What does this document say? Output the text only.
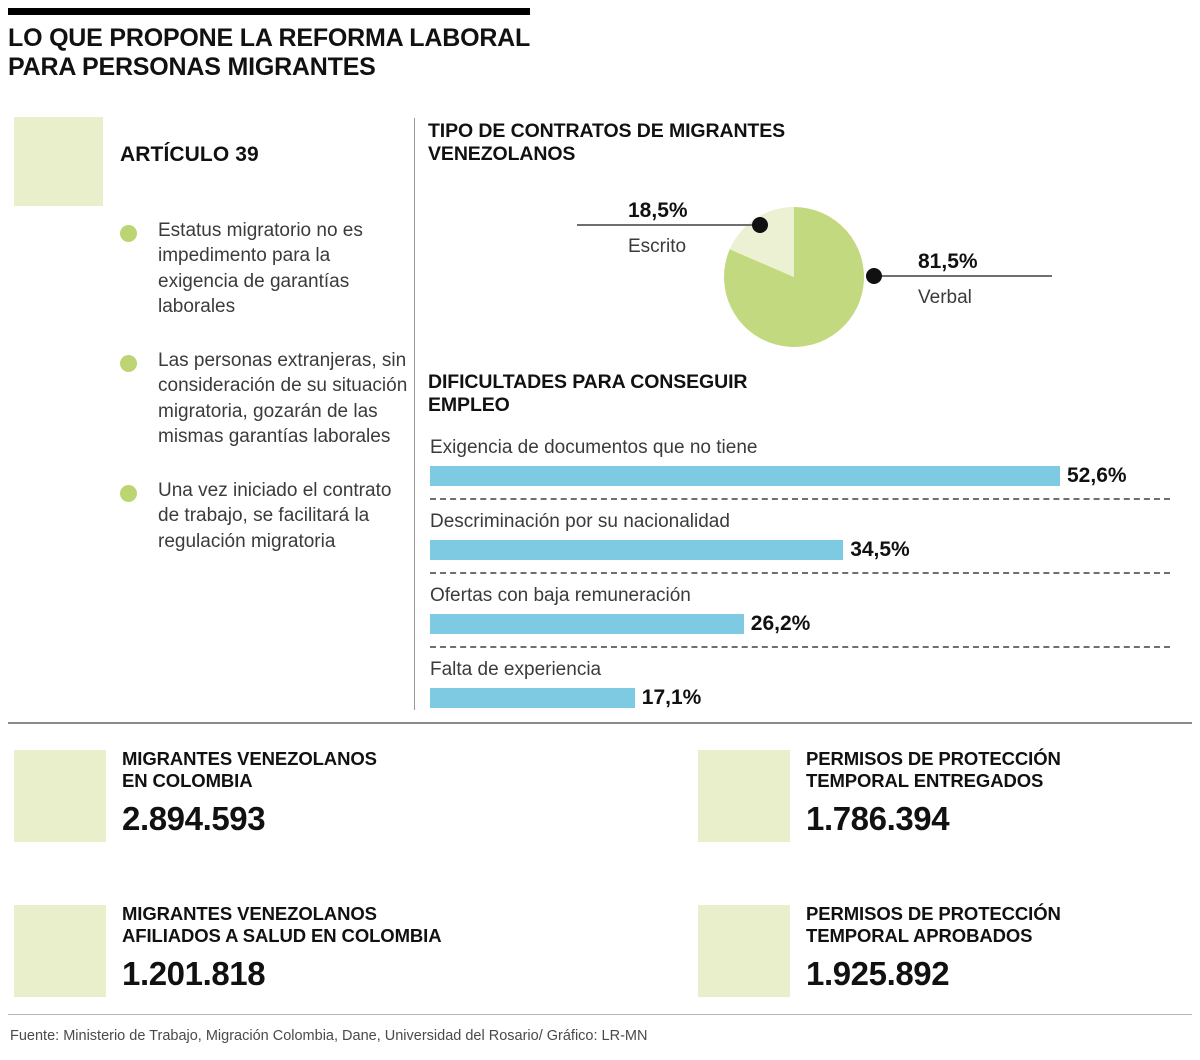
LO QUE PROPONE LA REFORMA LABORAL
PARA PERSONAS MIGRANTES
ARTÍCULO 39
Estatus migratorio no es impedimento para la exigencia de garantías laborales
Las personas extranjeras, sin consideración de su situación migratoria, gozarán de las mismas garantías laborales
Una vez iniciado el contrato de trabajo, se facilitará la regulación migratoria
TIPO DE CONTRATOS DE MIGRANTES VENEZOLANOS
18,5%
Escrito
81,5%
Verbal
DIFICULTADES PARA CONSEGUIR EMPLEO
Exigencia de documentos que no tiene
52,6%
Descriminación por su nacionalidad
34,5%
Ofertas con baja remuneración
26,2%
Falta de experiencia
17,1%
MIGRANTES VENEZOLANOS
EN COLOMBIA
2.894.593
PERMISOS DE PROTECCIÓN
TEMPORAL ENTREGADOS
1.786.394
MIGRANTES VENEZOLANOS
AFILIADOS A SALUD EN COLOMBIA
1.201.818
PERMISOS DE PROTECCIÓN
TEMPORAL APROBADOS
1.925.892
Fuente: Ministerio de Trabajo, Migración Colombia, Dane, Universidad del Rosario/ Gráfico: LR-MN
